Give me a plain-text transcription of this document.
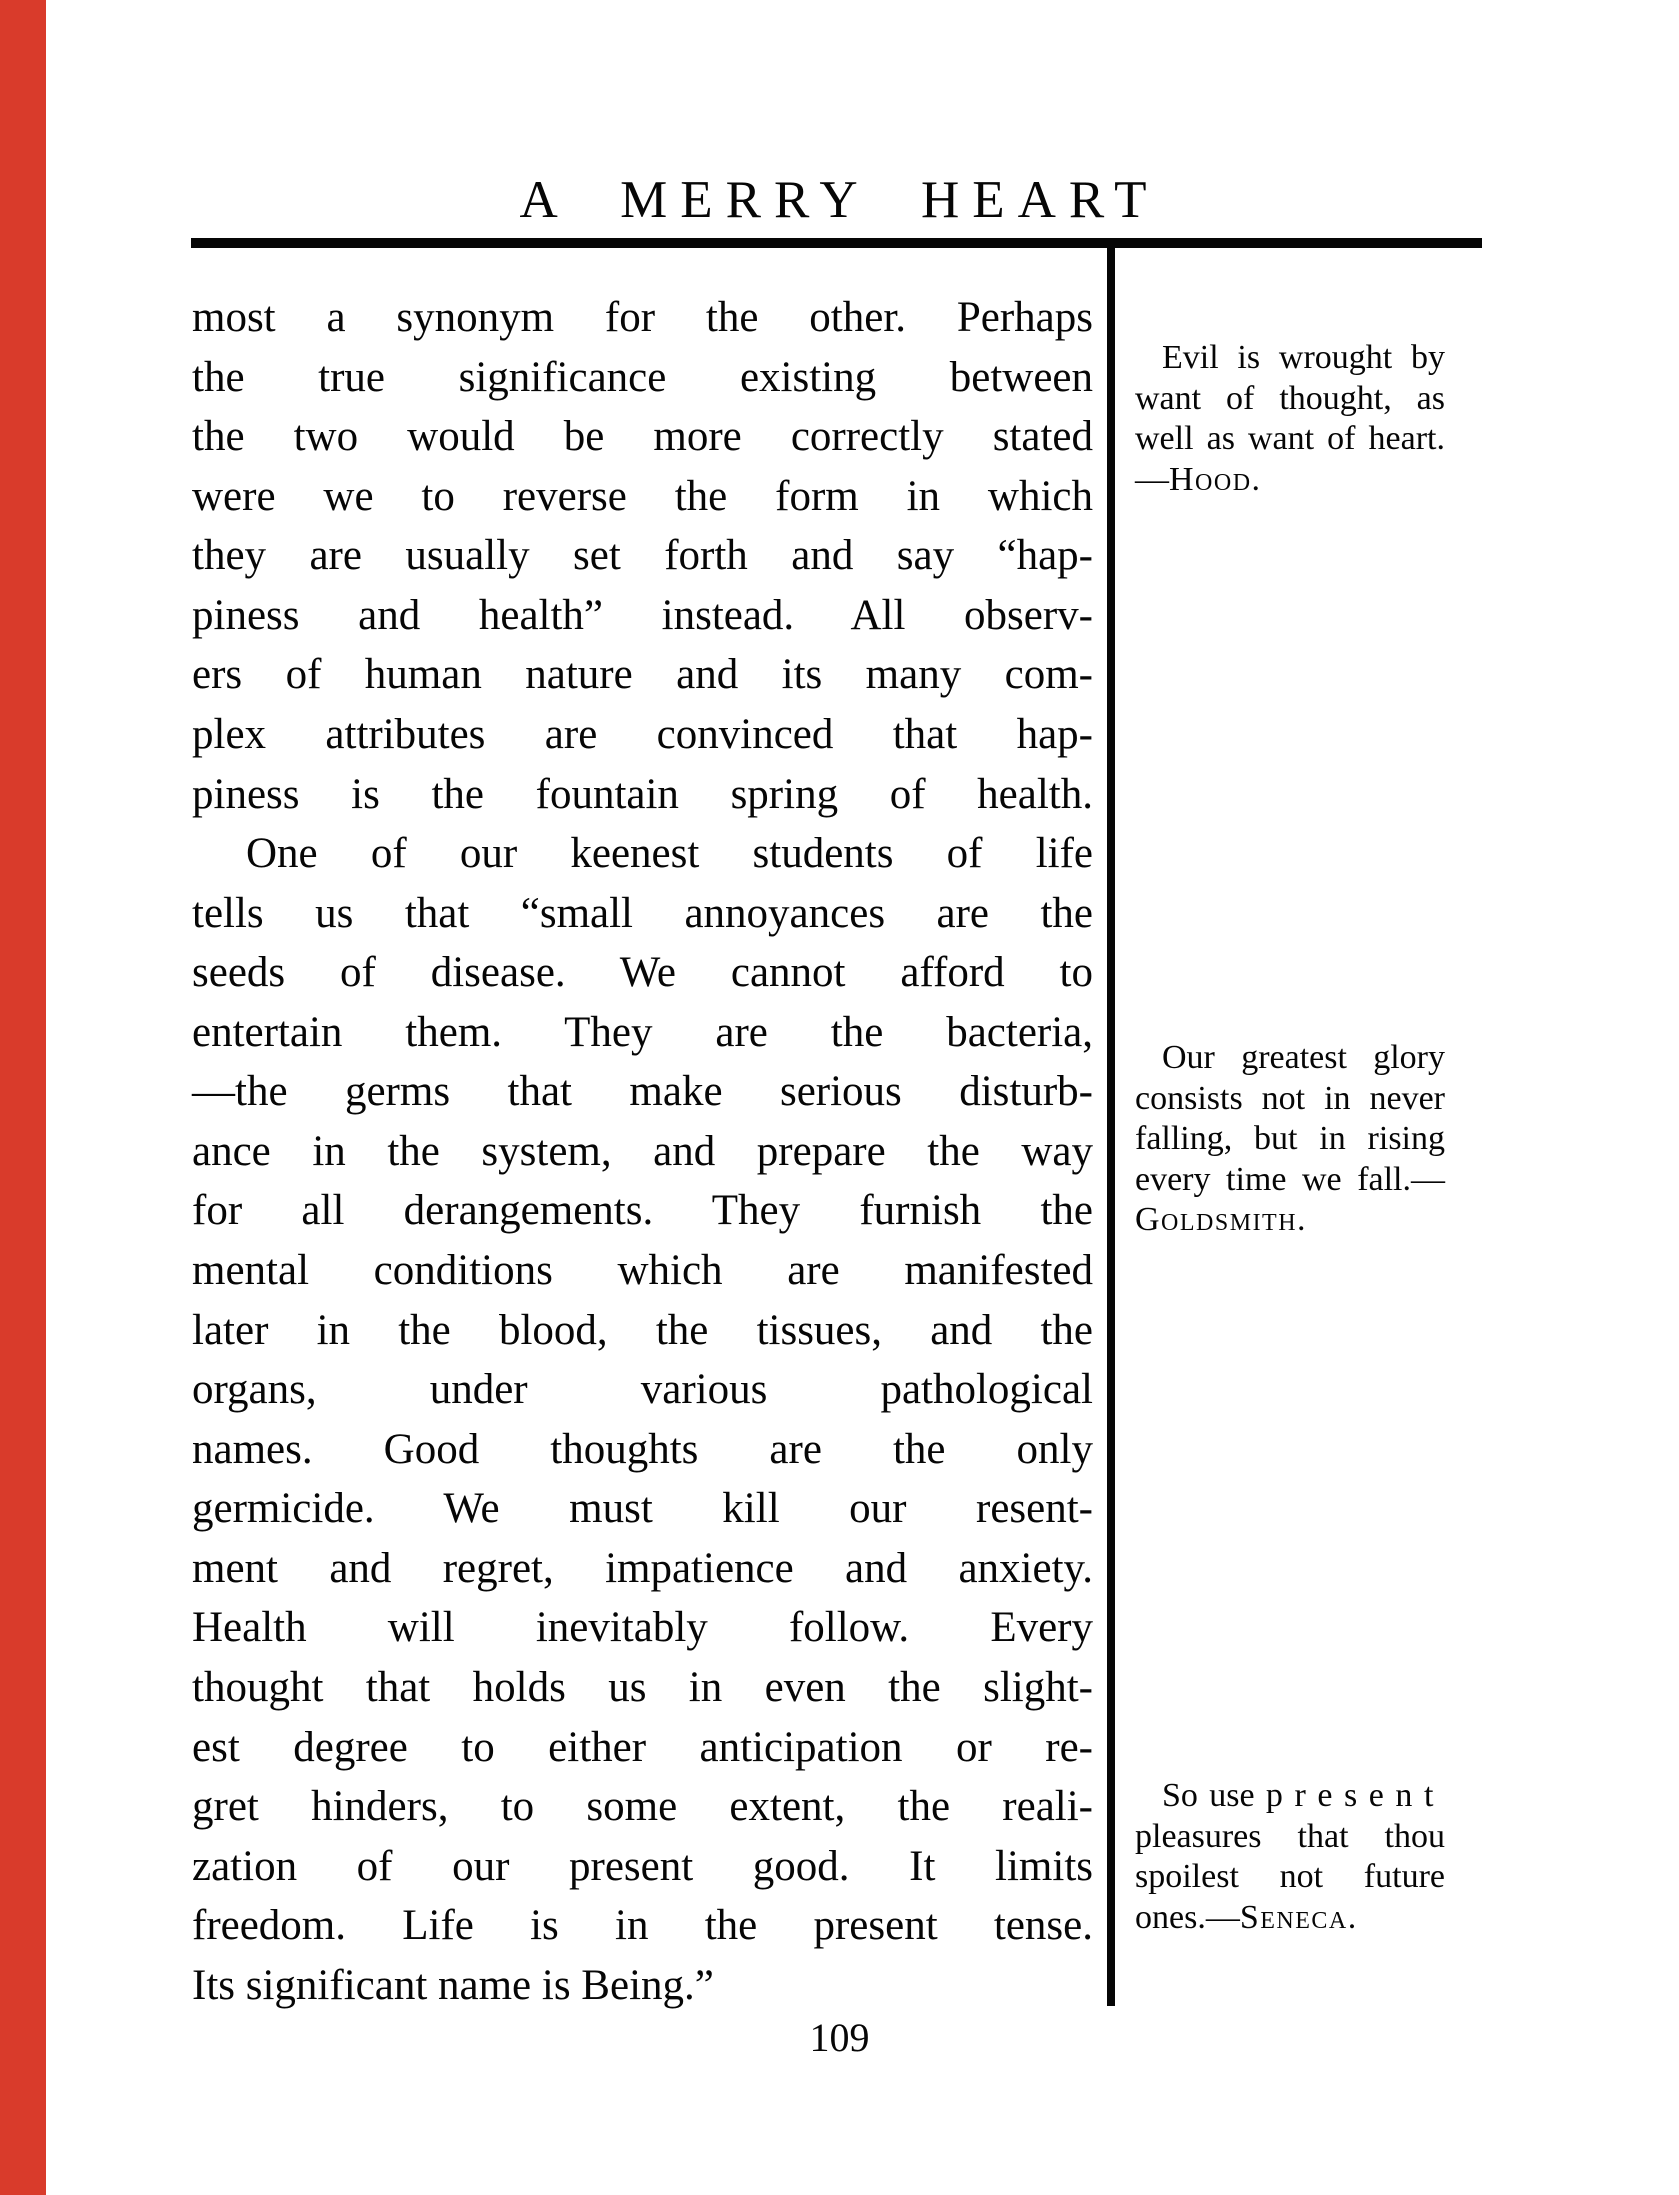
A MERRY HEART
most a synonym for the other. Perhaps
the true significance existing between
the two would be more correctly stated
were we to reverse the form in which
they are usually set forth and say “hap-
piness and health” instead. All observ-
ers of human nature and its many com-
plex attributes are convinced that hap-
piness is the fountain spring of health.
One of our keenest students of life
tells us that “small annoyances are the
seeds of disease. We cannot afford to
entertain them. They are the bacteria,
—the germs that make serious disturb-
ance in the system, and prepare the way
for all derangements. They furnish the
mental conditions which are manifested
later in the blood, the tissues, and the
organs, under various pathological
names. Good thoughts are the only
germicide. We must kill our resent-
ment and regret, impatience and anxiety.
Health will inevitably follow. Every
thought that holds us in even the slight-
est degree to either anticipation or re-
gret hinders, to some extent, the reali-
zation of our present good. It limits
freedom. Life is in the present tense.
Its significant name is Being.”
Evil is wrought by
want of thought, as
well as want of heart.
—Hood.
Our greatest glory
consists not in never
falling, but in rising
every time we fall.—
Goldsmith.
So use present
pleasures that thou
spoilest not future
ones.—Seneca.
109
